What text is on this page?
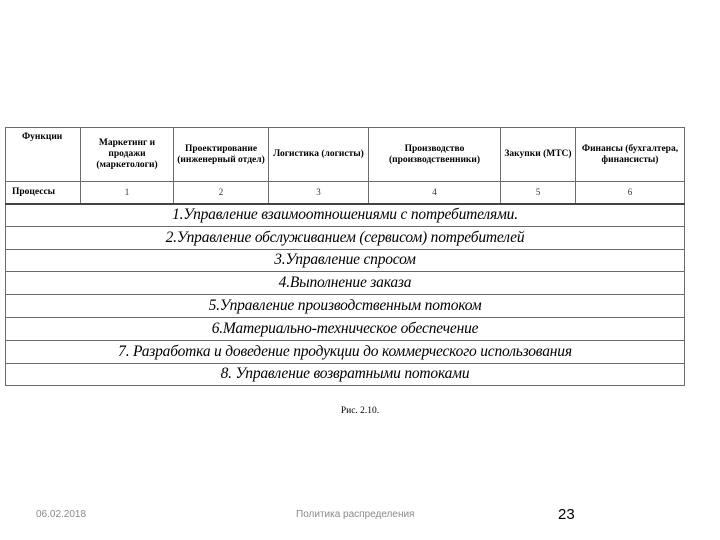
Функции	Маркетинг и продажи (маркетологи)	Проектирование (инженерный отдел)	Логистика (логисты)	Производство (производственники)	Закупки (МТС)	Финансы (бухгалтера, финансисты)
Процессы	1	2	3	4	5	6
1.Управление взаимоотношениями с потребителями.						
2.Управление обслуживанием (сервисом) потребителей						
3.Управление спросом						
4.Выполнение заказа						
5.Управление производственным потоком						
6.Материально-техническое обеспечение						
7. Разработка и доведение продукции до коммерческого использования						
8. Управление возвратными потоками						
Рис. 2.10.
06.02.2018	Политика распределения	23
